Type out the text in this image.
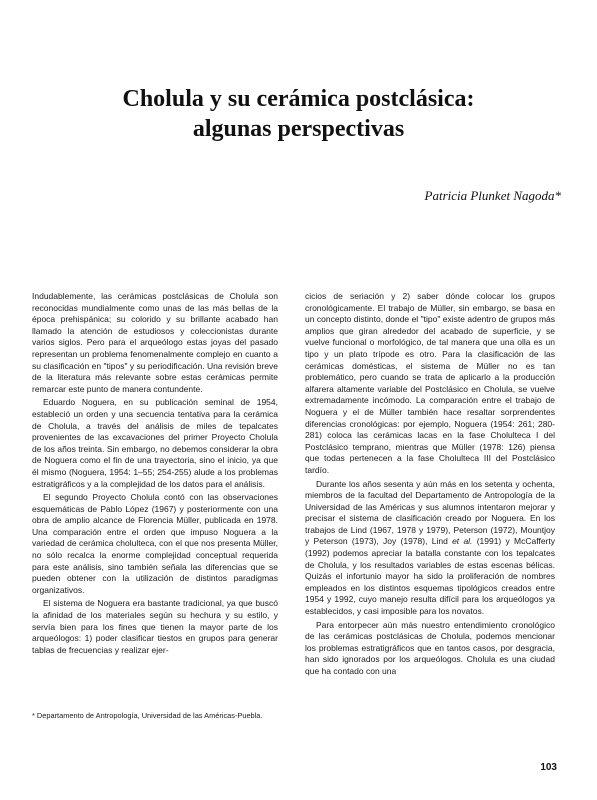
Cholula y su cerámica postclásica:
algunas perspectivas
Patricia Plunket Nagoda*

Indudablemente, las cerámicas postclásicas de Cholula son reconocidas mundialmente como unas de las más bellas de la época prehispánica; su colorido y su brillante acabado han llamado la atención de estudiosos y coleccionistas durante varios siglos. Pero para el arqueólogo estas joyas del pasado representan un problema fenomenalmente complejo en cuanto a su clasificación en "tipos" y su periodificación. Una revisión breve de la literatura más relevante sobre estas cerámicas permite remarcar este punto de manera contundente.

Eduardo Noguera, en su publicación seminal de 1954, estableció un orden y una secuencia tentativa para la cerámica de Cholula, a través del análisis de miles de tepalcates provenientes de las excavaciones del primer Proyecto Cholula de los años treinta. Sin embargo, no debemos considerar la obra de Noguera como el fin de una trayectoria, sino el inicio, ya que él mismo (Noguera, 1954: 1–55; 254-255) alude a los problemas estratigráficos y a la complejidad de los datos para el análisis.

El segundo Proyecto Cholula contó con las observaciones esquemáticas de Pablo López (1967) y posteriormente con una obra de amplio alcance de Florencia Müller, publicada en 1978. Una comparación entre el orden que impuso Noguera a la variedad de cerámica cholulteca, con el que nos presenta Müller, no sólo recalca la enorme complejidad conceptual requerida para este análisis, sino también señala las diferencias que se pueden obtener con la utilización de distintos paradigmas organizativos.

El sistema de Noguera era bastante tradicional, ya que buscó la afinidad de los materiales según su hechura y su estilo, y servía bien para los fines que tienen la mayor parte de los arqueólogos: 1) poder clasificar tiestos en grupos para generar tablas de frecuencias y realizar ejer-

cicios de seriación y 2) saber dónde colocar los grupos cronológicamente. El trabajo de Müller, sin embargo, se basa en un concepto distinto, donde el "tipo" existe adentro de grupos más amplios que giran alrededor del acabado de superficie, y se vuelve funcional o morfológico, de tal manera que una olla es un tipo y un plato trípode es otro. Para la clasificación de las cerámicas domésticas, el sistema de Müller no es tan problemático, pero cuando se trata de aplicarlo a la producción alfarera altamente variable del Postclásico en Cholula, se vuelve extremadamente incómodo. La comparación entre el trabajo de Noguera y el de Müller también hace resaltar sorprendentes diferencias cronológicas: por ejemplo, Noguera (1954: 261; 280-281) coloca las cerámicas lacas en la fase Cholulteca I del Postclásico temprano, mientras que Müller (1978: 126) piensa que todas pertenecen a la fase Cholulteca III del Postclásico tardío.

Durante los años sesenta y aún más en los setenta y ochenta, miembros de la facultad del Departamento de Antropología de la Universidad de las Américas y sus alumnos intentaron mejorar y precisar el sistema de clasificación creado por Noguera. En los trabajos de Lind (1967, 1978 y 1979), Peterson (1972), Mountjoy y Peterson (1973), Joy (1978), Lind et al. (1991) y McCafferty (1992) podemos apreciar la batalla constante con los tepalcates de Cholula, y los resultados variables de estas escenas bélicas. Quizás el infortunio mayor ha sido la proliferación de nombres empleados en los distintos esquemas tipológicos creados entre 1954 y 1992, cuyo manejo resulta difícil para los arqueólogos ya establecidos, y casi imposible para los novatos.

Para entorpecer aún más nuestro entendimiento cronológico de las cerámicas postclásicas de Cholula, podemos mencionar los problemas estratigráficos que en tantos casos, por desgracia, han sido ignorados por los arqueólogos. Cholula es una ciudad que ha contado con una

* Departamento de Antropología, Universidad de las Américas-Puebla.

103
